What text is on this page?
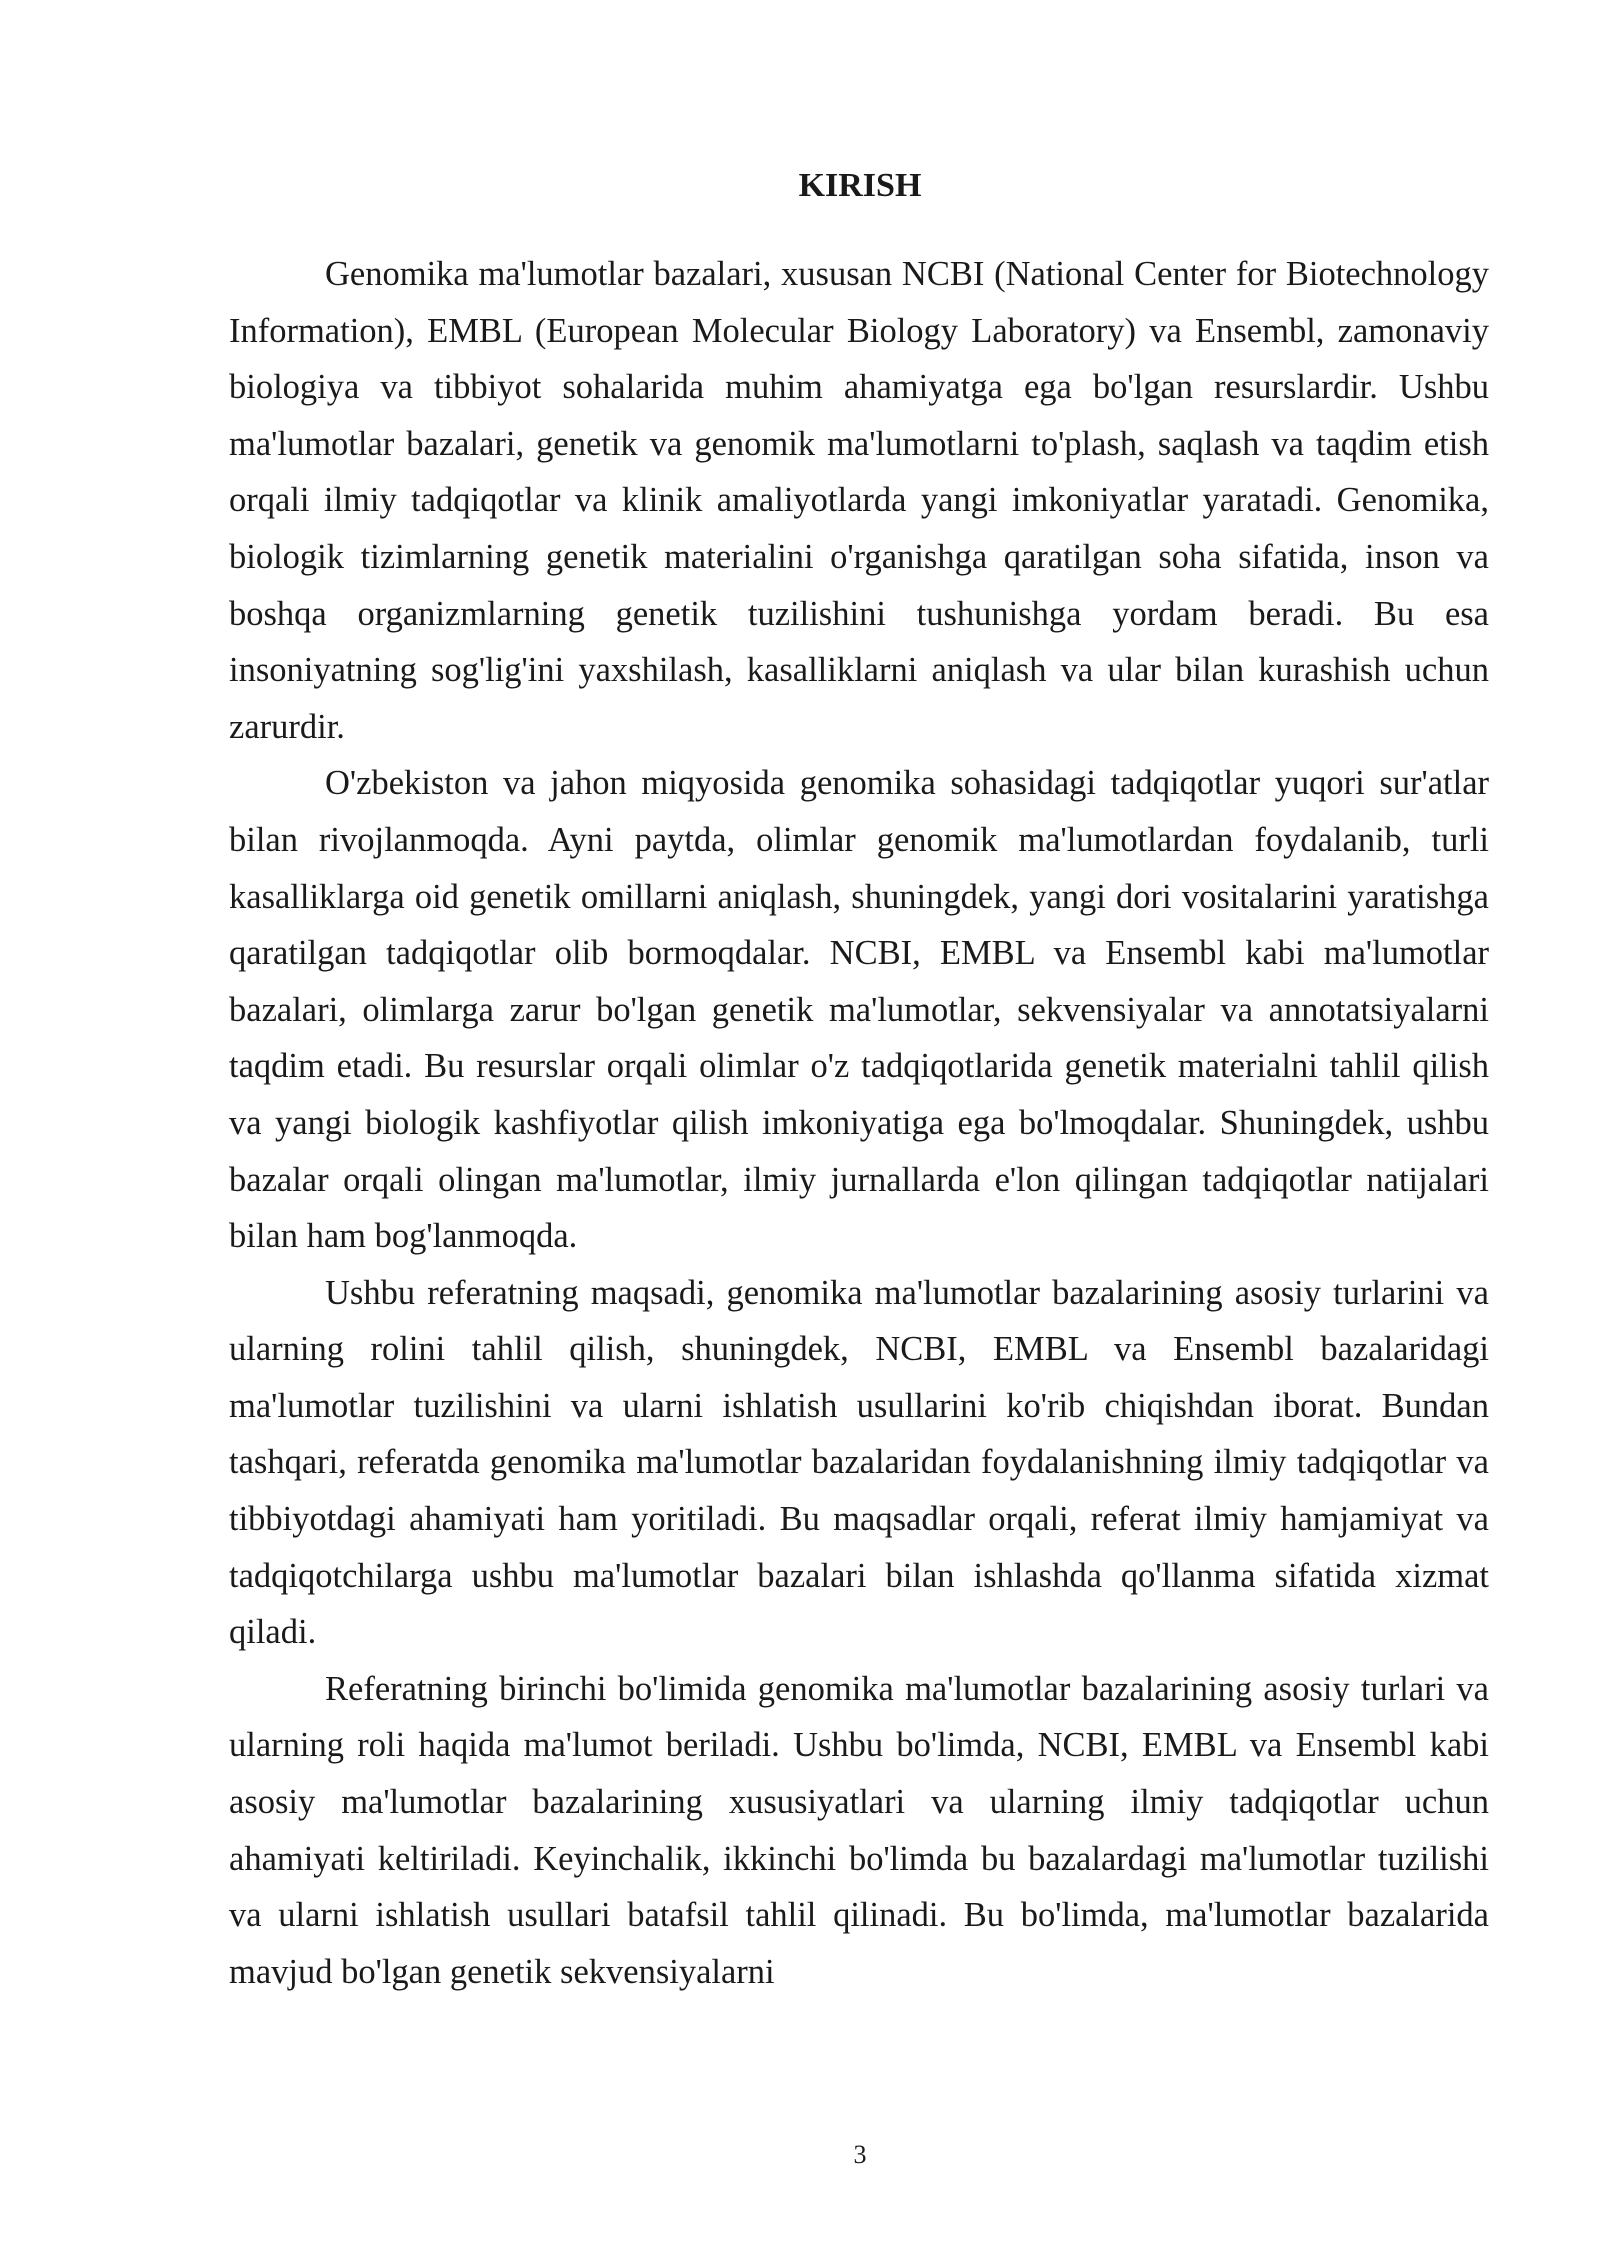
KIRISH

Genomika ma'lumotlar bazalari, xususan NCBI (National Center for Biotechnology Information), EMBL (European Molecular Biology Laboratory) va Ensembl, zamonaviy biologiya va tibbiyot sohalarida muhim ahamiyatga ega bo'lgan resurslardir. Ushbu ma'lumotlar bazalari, genetik va genomik ma'lumotlarni to'plash, saqlash va taqdim etish orqali ilmiy tadqiqotlar va klinik amaliyotlarda yangi imkoniyatlar yaratadi. Genomika, biologik tizimlarning genetik materialini o'rganishga qaratilgan soha sifatida, inson va boshqa organizmlarning genetik tuzilishini tushunishga yordam beradi. Bu esa insoniyatning sog'lig'ini yaxshilash, kasalliklarni aniqlash va ular bilan kurashish uchun zarurdir.

O'zbekiston va jahon miqyosida genomika sohasidagi tadqiqotlar yuqori sur'atlar bilan rivojlanmoqda. Ayni paytda, olimlar genomik ma'lumotlardan foydalanib, turli kasalliklarga oid genetik omillarni aniqlash, shuningdek, yangi dori vositalarini yaratishga qaratilgan tadqiqotlar olib bormoqdalar. NCBI, EMBL va Ensembl kabi ma'lumotlar bazalari, olimlarga zarur bo'lgan genetik ma'lumotlar, sekvensiyalar va annotatsiyalarni taqdim etadi. Bu resurslar orqali olimlar o'z tadqiqotlarida genetik materialni tahlil qilish va yangi biologik kashfiyotlar qilish imkoniyatiga ega bo'lmoqdalar. Shuningdek, ushbu bazalar orqali olingan ma'lumotlar, ilmiy jurnallarda e'lon qilingan tadqiqotlar natijalari bilan ham bog'lanmoqda.

Ushbu referatning maqsadi, genomika ma'lumotlar bazalarining asosiy turlarini va ularning rolini tahlil qilish, shuningdek, NCBI, EMBL va Ensembl bazalaridagi ma'lumotlar tuzilishini va ularni ishlatish usullarini ko'rib chiqishdan iborat. Bundan tashqari, referatda genomika ma'lumotlar bazalaridan foydalanishning ilmiy tadqiqotlar va tibbiyotdagi ahamiyati ham yoritiladi. Bu maqsadlar orqali, referat ilmiy hamjamiyat va tadqiqotchilarga ushbu ma'lumotlar bazalari bilan ishlashda qo'llanma sifatida xizmat qiladi.

Referatning birinchi bo'limida genomika ma'lumotlar bazalarining asosiy turlari va ularning roli haqida ma'lumot beriladi. Ushbu bo'limda, NCBI, EMBL va Ensembl kabi asosiy ma'lumotlar bazalarining xususiyatlari va ularning ilmiy tadqiqotlar uchun ahamiyati keltiriladi. Keyinchalik, ikkinchi bo'limda bu bazalardagi ma'lumotlar tuzilishi va ularni ishlatish usullari batafsil tahlil qilinadi. Bu bo'limda, ma'lumotlar bazalarida mavjud bo'lgan genetik sekvensiyalarni

3
